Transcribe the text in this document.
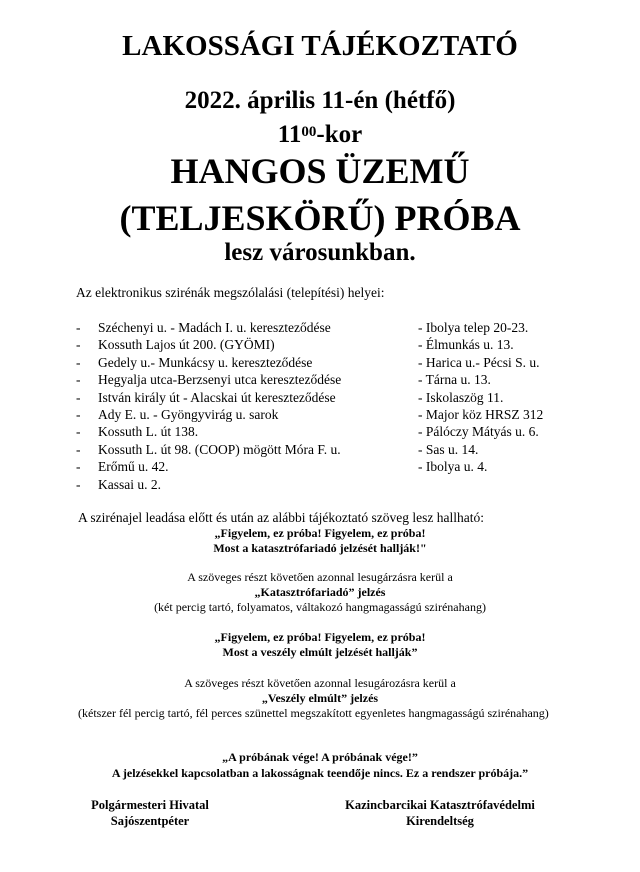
LAKOSSÁGI TÁJÉKOZTATÓ
2022. április 11-én (hétfő)
$11^{00}$-kor
HANGOS ÜZEMŰ
(TELJESKÖRŰ) PRÓBA
lesz városunkban.
Az elektronikus szirénák megszólalási (telepítési) helyei:
- Széchenyi u. - Madách I. u. kereszteződése
- Kossuth Lajos út 200. (GYÖMI)
- Gedely u.- Munkácsy u. kereszteződése
- Hegyalja utca-Berzsenyi utca kereszteződése
- István király út - Alacskai út kereszteződése
- Ady E. u. - Gyöngyvirág u. sarok
- Kossuth L. út 138.
- Kossuth L. út 98. (COOP) mögött Móra F. u.
- Erőmű u. 42.
- Kassai u. 2.
- Ibolya telep 20-23.
- Élmunkás u. 13.
- Harica u.- Pécsi S. u.
- Tárna u. 13.
- Iskolaszög 11.
- Major köz HRSZ 312
- Pálóczy Mátyás u. 6.
- Sas u. 14.
- Ibolya u. 4.
A szirénajel leadása előtt és után az alábbi tájékoztató szöveg lesz hallható:
„Figyelem, ez próba! Figyelem, ez próba!
Most a katasztrófariadó jelzését hallják!"
A szöveges részt követően azonnal lesugárzásra kerül a
„Katasztrófariadó” jelzés
(két percig tartó, folyamatos, váltakozó hangmagasságú szirénahang)
„Figyelem, ez próba! Figyelem, ez próba!
Most a veszély elmúlt jelzését hallják”
A szöveges részt követően azonnal lesugározásra kerül a
„Veszély elmúlt” jelzés
(kétszer fél percig tartó, fél perces szünettel megszakított egyenletes hangmagasságú szirénahang)
„A próbának vége! A próbának vége!”
A jelzésekkel kapcsolatban a lakosságnak teendője nincs. Ez a rendszer próbája.”
Polgármesteri Hivatal
Sajószentpéter
Kazincbarcikai Katasztrófavédelmi
Kirendeltség
